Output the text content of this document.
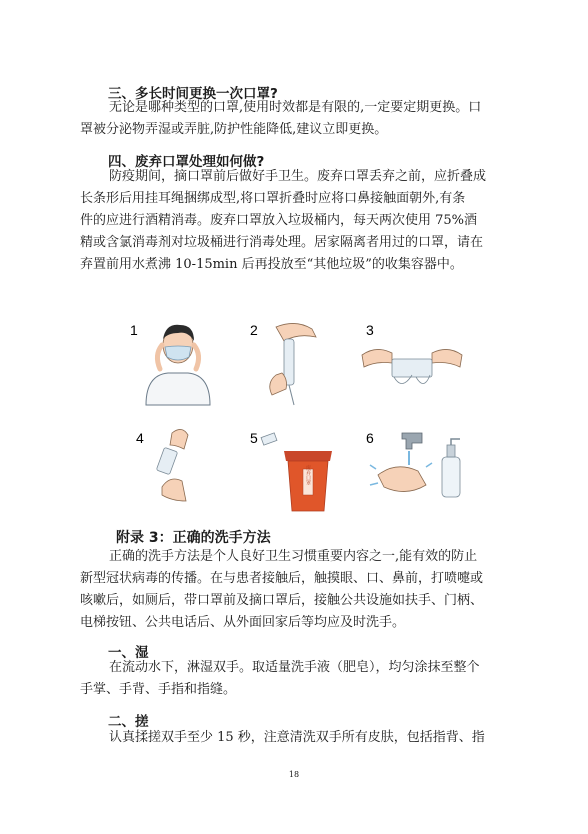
三、多长时间更换一次口罩?
无论是哪种类型的口罩,使用时效都是有限的,一定要定期更换。口
罩被分泌物弄湿或弄脏,防护性能降低,建议立即更换。
四、废弃口罩处理如何做?
防疫期间，摘口罩前后做好手卫生。废弃口罩丢弃之前，应折叠成
长条形后用挂耳绳捆绑成型,将口罩折叠时应将口鼻接触面朝外,有条
件的应进行酒精消毒。废弃口罩放入垃圾桶内，每天两次使用 75%酒
精或含氯消毒剂对垃圾桶进行消毒处理。居家隔离者用过的口罩，请在
弃置前用水煮沸 10-15min 后再投放至“其他垃圾”的收集容器中。
1	2	3
4	5
废弃口罩
6
附录 3：正确的洗手方法
正确的洗手方法是个人良好卫生习惯重要内容之一,能有效的防止
新型冠状病毒的传播。在与患者接触后，触摸眼、口、鼻前，打喷嚏或
咳嗽后，如厕后，带口罩前及摘口罩后，接触公共设施如扶手、门柄、
电梯按钮、公共电话后、从外面回家后等均应及时洗手。
一、湿
在流动水下，淋湿双手。取适量洗手液（肥皂），均匀涂抹至整个
手掌、手背、手指和指缝。
二、搓
认真揉搓双手至少 15 秒，注意清洗双手所有皮肤，包括指背、指
18
